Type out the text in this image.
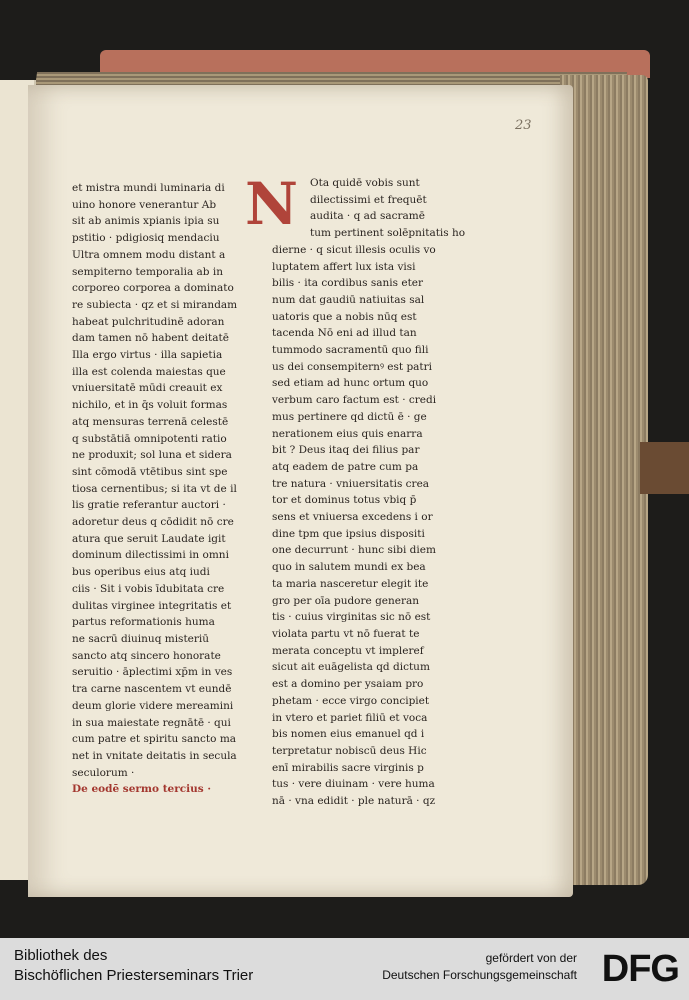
23
N
et mistra mundi luminaria di
uino honore venerantur Ab
sit ab animis xpianis ipia su
pstitio · pdigiosiq mendaciu
Ultra omnem modu distant a
sempiterno temporalia ab in
corporeo corporea a dominato
re subiecta · qz et si mirandam
habeat pulchritudinē adoran
dam tamen nō habent deitatē
Illa ergo virtus · illa sapietia
illa est colenda maiestas que
vniuersitatē mūdi creauit ex
nichilo, et in q̄s voluit formas
atq mensuras terrenā celestē
q substātiā omnipotenti ratio
ne produxit; sol luna et sidera
sint cōmodā vtētibus sint spe
tiosa cernentibus; si ita vt de il
lis gratie referantur auctori ·
adoretur deus q cōdidit nō cre
atura que seruit Laudate igit
dominum dilectissimi in omni
bus operibus eius atq iudi
ciis · Sit i vobis īdubitata cre
dulitas virginee integritatis et
partus reformationis huma
ne sacrū diuinuq misteriū
sancto atq sincero honorate
seruitio · āplectimi xp̄m in ves
tra carne nascentem vt eundē
deum glorie videre mereamini
in sua maiestate regnātē · qui
cum patre et spiritu sancto ma
net in vnitate deitatis in secula
seculorum ·
De eodē sermo tercius ·
Ota quidē vobis sunt
dilectissimi et frequēt
audita · q ad sacramē
tum pertinent solēpnitatis ho
dierne · q sicut illesis oculis vo
luptatem affert lux ista visi
bilis · ita cordibus sanis eter
num dat gaudiū natiuitas sal
uatoris que a nobis nūq est
tacenda Nō eni ad illud tan
tummodo sacramentū quo fili
us dei consempiternꝰ est patri
sed etiam ad hunc ortum quo
verbum caro factum est · credi
mus pertinere qd dictū ē · ge
nerationem eius quis enarra
bit ? Deus itaq dei filius par
atq eadem de patre cum pa
tre natura · vniuersitatis crea
tor et dominus totus vbiq p̄
sens et vniuersa excedens i or
dine tpm que ipsius dispositi
one decurrunt · hunc sibi diem
quo in salutem mundi ex bea
ta maria nasceretur elegit ite
gro per oīa pudore generan
tis · cuius virginitas sic nō est
violata partu vt nō fuerat te
merata conceptu vt impleref
sicut ait euāgelista qd dictum
est a domino per ysaiam pro
phetam · ecce virgo concipiet
in vtero et pariet filiū et voca
bis nomen eius emanuel qd i
terpretatur nobiscū deus Hic
enī mirabilis sacre virginis p
tus · vere diuinam · vere huma
nā · vna edidit · ple naturā · qz
Bibliothek des
Bischöflichen Priesterseminars Trier
gefördert von der
Deutschen Forschungsgemeinschaft DFG
